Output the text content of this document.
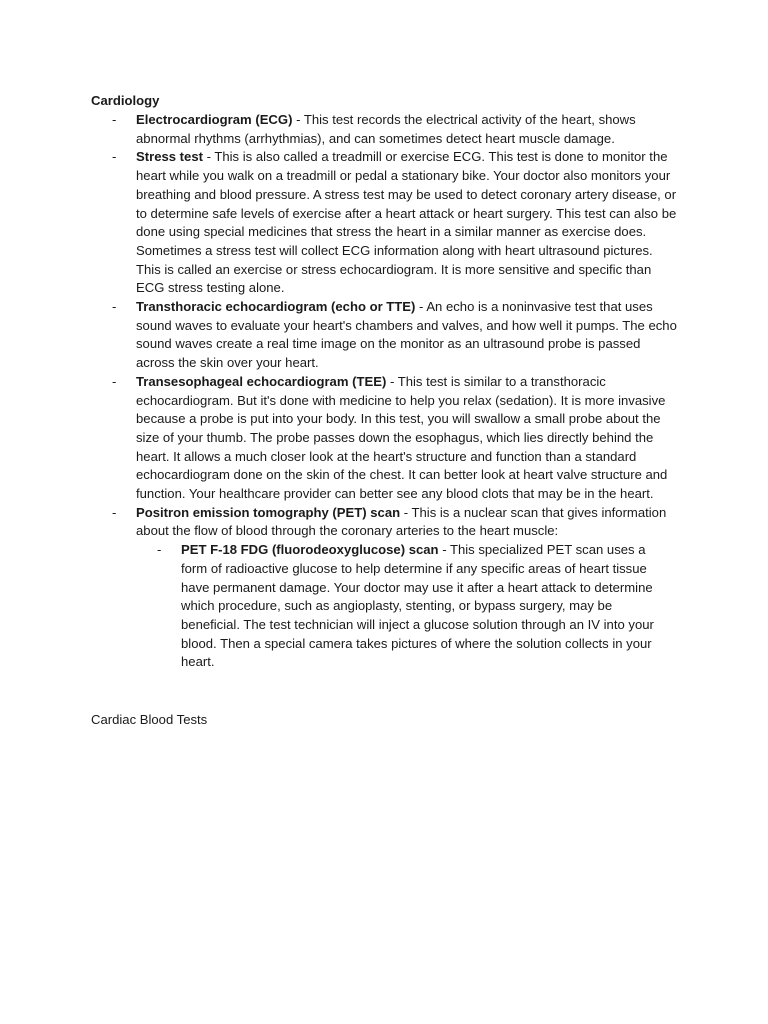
Cardiology
- Electrocardiogram (ECG) - This test records the electrical activity of the heart, shows abnormal rhythms (arrhythmias), and can sometimes detect heart muscle damage.
- Stress test - This is also called a treadmill or exercise ECG. This test is done to monitor the heart while you walk on a treadmill or pedal a stationary bike. Your doctor also monitors your breathing and blood pressure. A stress test may be used to detect coronary artery disease, or to determine safe levels of exercise after a heart attack or heart surgery. This test can also be done using special medicines that stress the heart in a similar manner as exercise does. Sometimes a stress test will collect ECG information along with heart ultrasound pictures. This is called an exercise or stress echocardiogram. It is more sensitive and specific than ECG stress testing alone.
- Transthoracic echocardiogram (echo or TTE) - An echo is a noninvasive test that uses sound waves to evaluate your heart's chambers and valves, and how well it pumps. The echo sound waves create a real time image on the monitor as an ultrasound probe is passed across the skin over your heart.
- Transesophageal echocardiogram (TEE) - This test is similar to a transthoracic echocardiogram. But it's done with medicine to help you relax (sedation). It is more invasive because a probe is put into your body. In this test, you will swallow a small probe about the size of your thumb. The probe passes down the esophagus, which lies directly behind the heart. It allows a much closer look at the heart's structure and function than a standard echocardiogram done on the skin of the chest. It can better look at heart valve structure and function. Your healthcare provider can better see any blood clots that may be in the heart.
- Positron emission tomography (PET) scan - This is a nuclear scan that gives information about the flow of blood through the coronary arteries to the heart muscle:
- PET F-18 FDG (fluorodeoxyglucose) scan - This specialized PET scan uses a form of radioactive glucose to help determine if any specific areas of heart tissue have permanent damage. Your doctor may use it after a heart attack to determine which procedure, such as angioplasty, stenting, or bypass surgery, may be beneficial. The test technician will inject a glucose solution through an IV into your blood. Then a special camera takes pictures of where the solution collects in your heart.
Cardiac Blood Tests
